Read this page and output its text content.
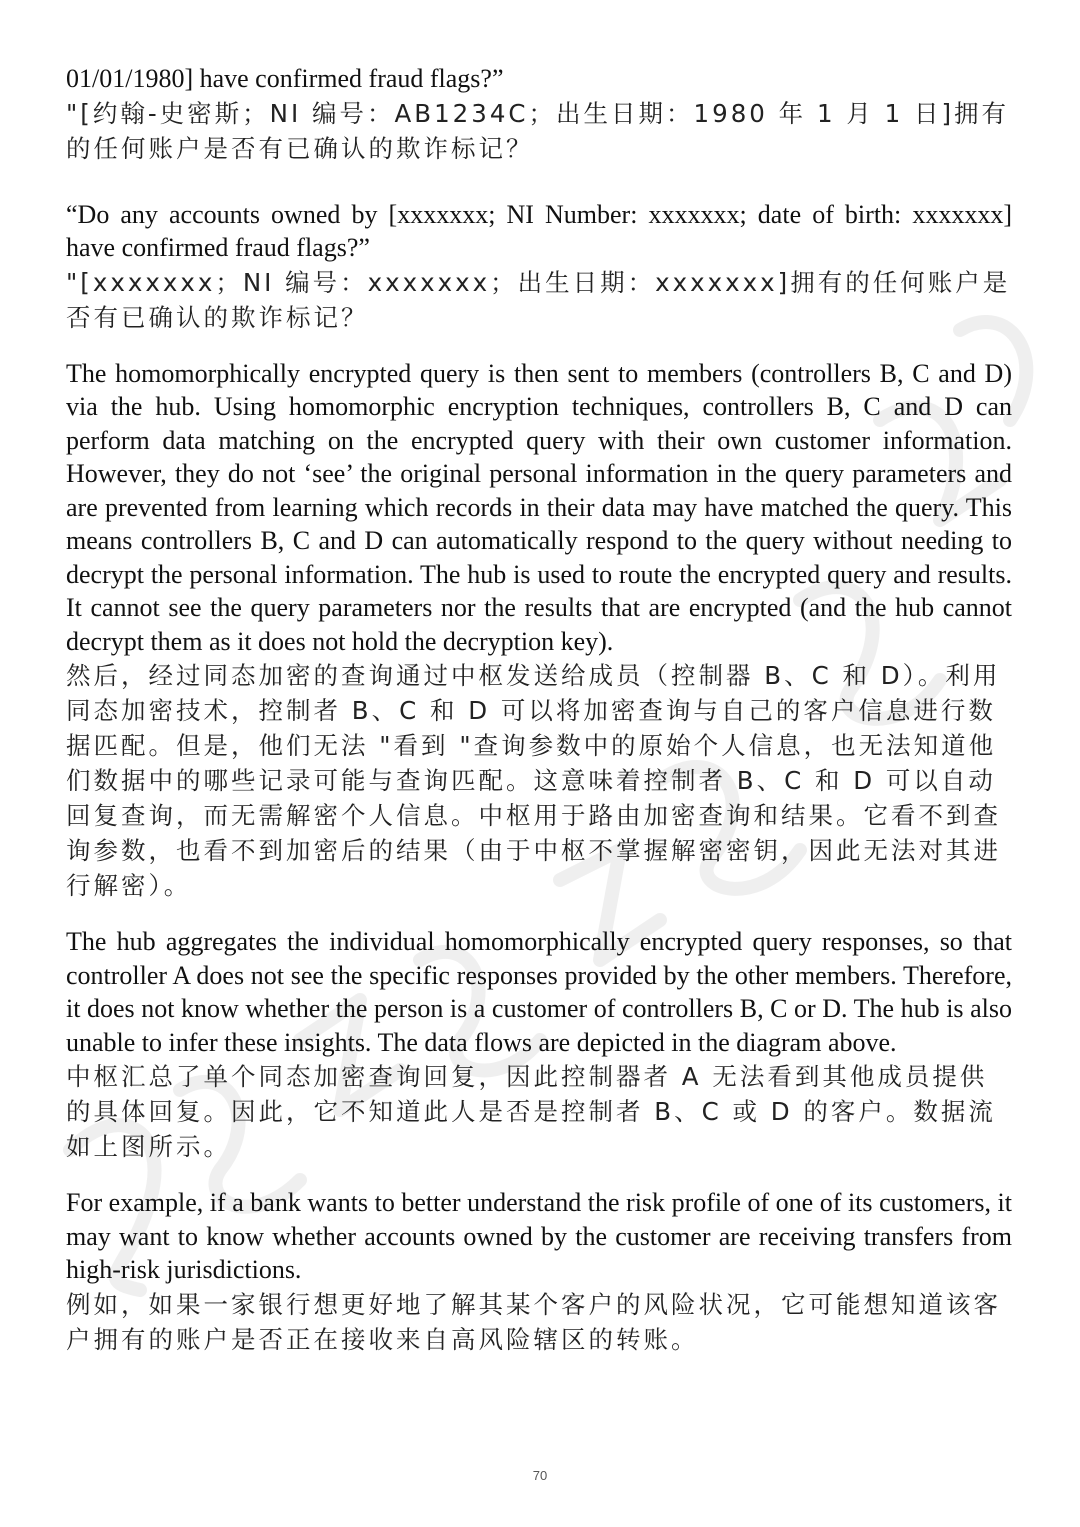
01/01/1980] have confirmed fraud flags?”

"[约翰-史密斯；NI 编号：AB1234C；出生日期：1980 年 1 月 1 日]拥有的任何账户是否有已确认的欺诈标记？

“Do any accounts owned by [xxxxxxx; NI Number: xxxxxxx; date of birth: xxxxxxx] have confirmed fraud flags?”

"[xxxxxxx；NI 编号：xxxxxxx；出生日期：xxxxxxx]拥有的任何账户是否有已确认的欺诈标记？

The homomorphically encrypted query is then sent to members (controllers B, C and D) via the hub. Using homomorphic encryption techniques, controllers B, C and D can perform data matching on the encrypted query with their own customer information. However, they do not ‘see’ the original personal information in the query parameters and are prevented from learning which records in their data may have matched the query. This means controllers B, C and D can automatically respond to the query without needing to decrypt the personal information. The hub is used to route the encrypted query and results. It cannot see the query parameters nor the results that are encrypted (and the hub cannot decrypt them as it does not hold the decryption key).

然后，经过同态加密的查询通过中枢发送给成员（控制器 B、C 和 D）。利用同态加密技术，控制者 B、C 和 D 可以将加密查询与自己的客户信息进行数据匹配。但是，他们无法 "看到 "查询参数中的原始个人信息，也无法知道他们数据中的哪些记录可能与查询匹配。这意味着控制者 B、C 和 D 可以自动回复查询，而无需解密个人信息。中枢用于路由加密查询和结果。它看不到查询参数，也看不到加密后的结果（由于中枢不掌握解密密钥，因此无法对其进行解密）。

The hub aggregates the individual homomorphically encrypted query responses, so that controller A does not see the specific responses provided by the other members. Therefore, it does not know whether the person is a customer of controllers B, C or D. The hub is also unable to infer these insights. The data flows are depicted in the diagram above.

中枢汇总了单个同态加密查询回复，因此控制器者 A 无法看到其他成员提供的具体回复。因此，它不知道此人是否是控制者 B、C 或 D 的客户。数据流如上图所示。

For example, if a bank wants to better understand the risk profile of one of its customers, it may want to know whether accounts owned by the customer are receiving transfers from high-risk jurisdictions.

例如，如果一家银行想更好地了解其某个客户的风险状况，它可能想知道该客户拥有的账户是否正在接收来自高风险辖区的转账。

70
